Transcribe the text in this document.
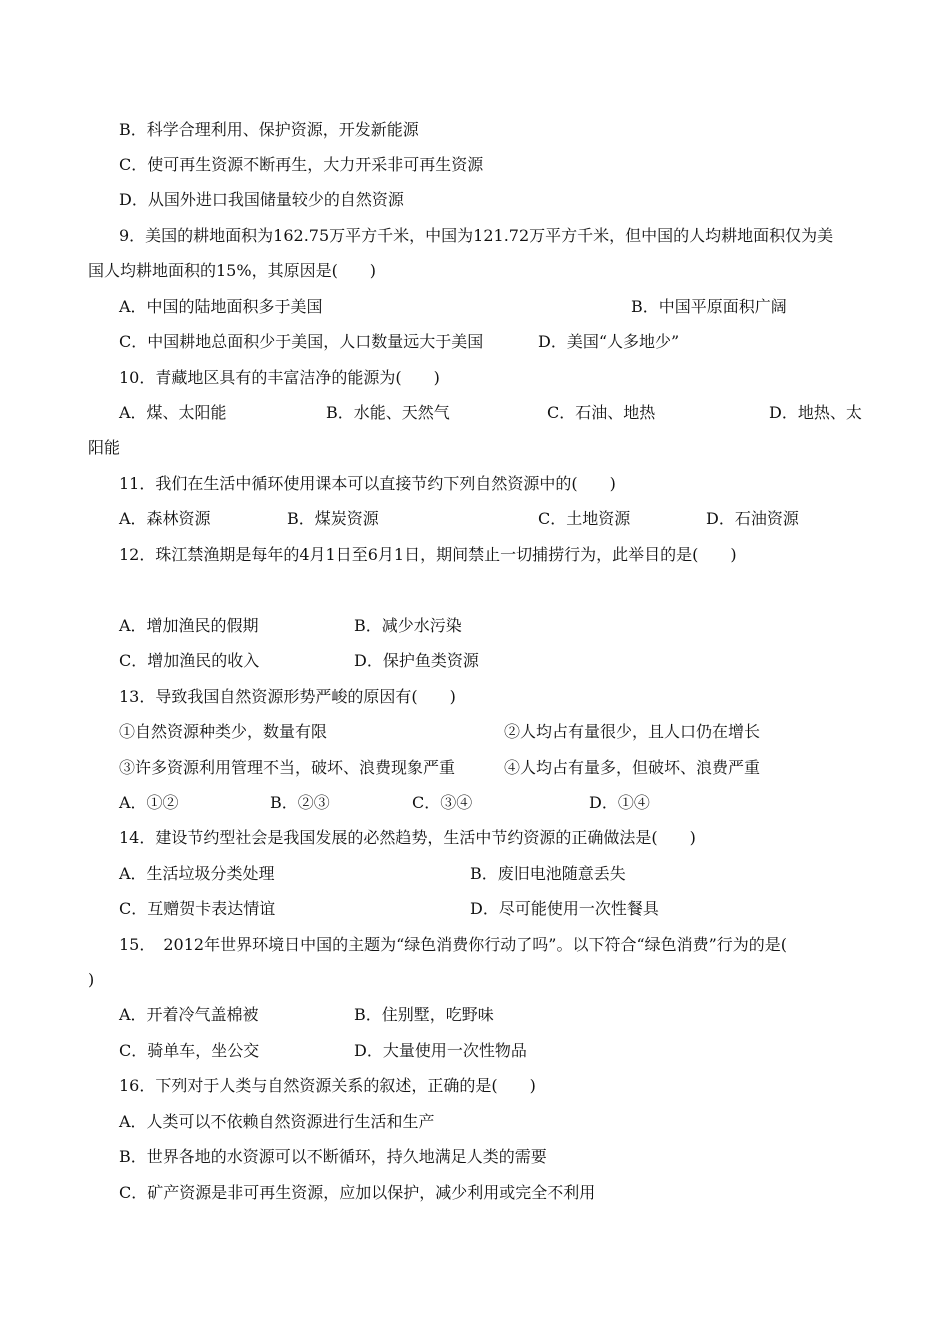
B．科学合理利用、保护资源，开发新能源
C．使可再生资源不断再生，大力开采非可再生资源
D．从国外进口我国储量较少的自然资源
9．美国的耕地面积为162.75万平方千米，中国为121.72万平方千米，但中国的人均耕地面积仅为美
国人均耕地面积的15%，其原因是(　　)
A．中国的陆地面积多于美国	B．中国平原面积广阔
C．中国耕地总面积少于美国，人口数量远大于美国	D．美国“人多地少”
10．青藏地区具有的丰富洁净的能源为(　　)
A．煤、太阳能	B．水能、天然气	C．石油、地热	D．地热、太
阳能
11．我们在生活中循环使用课本可以直接节约下列自然资源中的(　　)
A．森林资源	B．煤炭资源	C．土地资源	D．石油资源
12．珠江禁渔期是每年的4月1日至6月1日，期间禁止一切捕捞行为，此举目的是(　　)
A．增加渔民的假期	B．减少水污染
C．增加渔民的收入	D．保护鱼类资源
13．导致我国自然资源形势严峻的原因有(　　)
①自然资源种类少，数量有限	②人均占有量很少，且人口仍在增长
③许多资源利用管理不当，破坏、浪费现象严重	④人均占有量多，但破坏、浪费严重
A．①②	B．②③	C．③④	D．①④
14．建设节约型社会是我国发展的必然趋势，生活中节约资源的正确做法是(　　)
A．生活垃圾分类处理	B．废旧电池随意丢失
C．互赠贺卡表达情谊	D．尽可能使用一次性餐具
15．　2012年世界环境日中国的主题为“绿色消费你行动了吗”。以下符合“绿色消费”行为的是(
)
A．开着冷气盖棉被	B．住别墅，吃野味
C．骑单车，坐公交	D．大量使用一次性物品
16．下列对于人类与自然资源关系的叙述，正确的是(　　)
A．人类可以不依赖自然资源进行生活和生产
B．世界各地的水资源可以不断循环，持久地满足人类的需要
C．矿产资源是非可再生资源，应加以保护，减少利用或完全不利用
